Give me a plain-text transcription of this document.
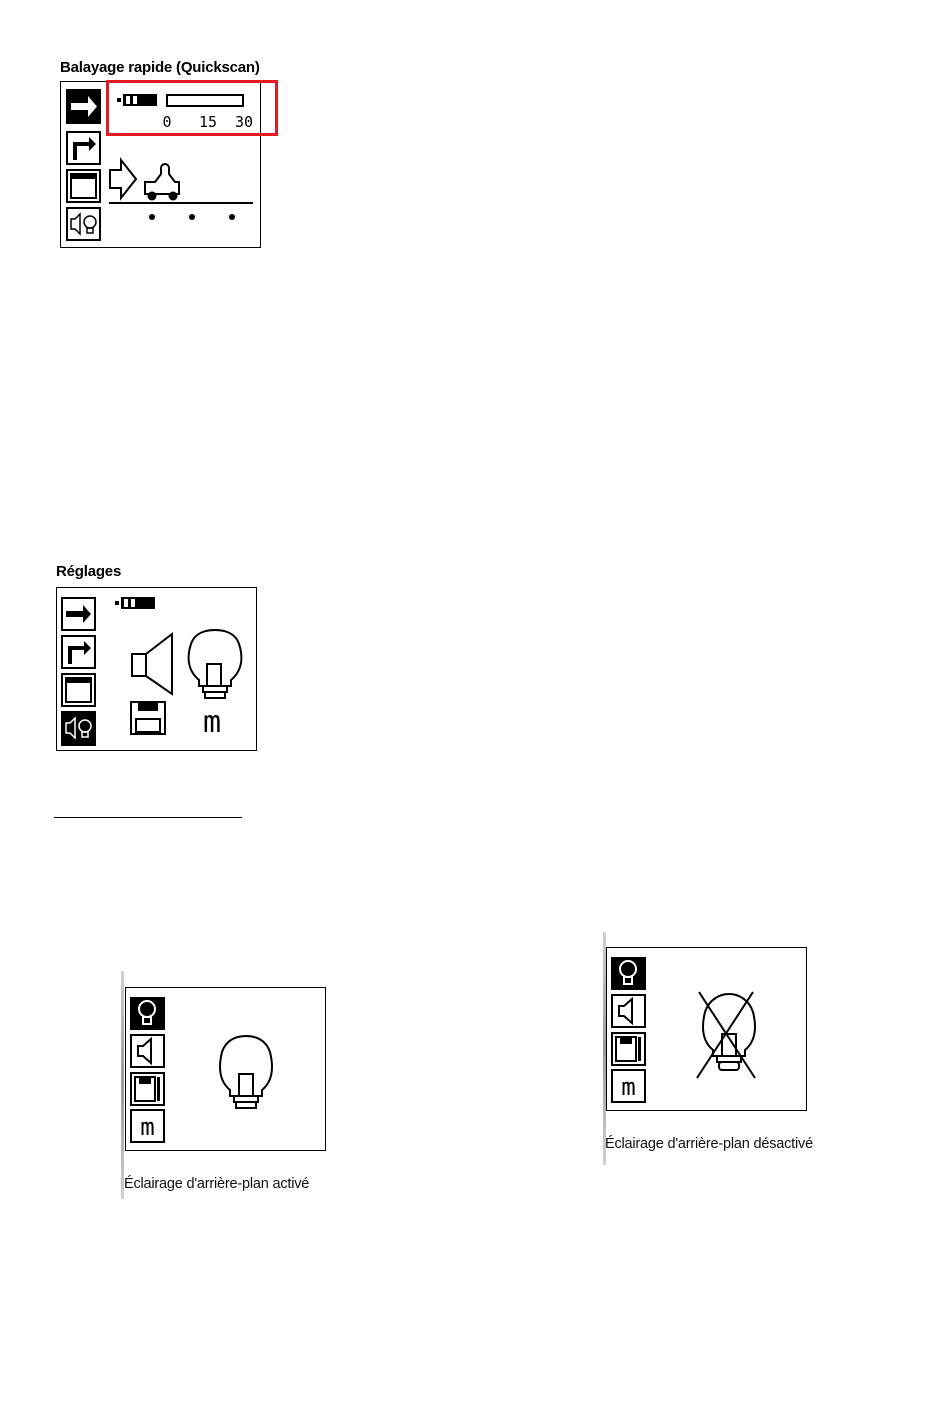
Balayage rapide (Quickscan)
0 15 30
Réglages
m
m
Éclairage d'arrière-plan activé
m
Éclairage d'arrière-plan désactivé
